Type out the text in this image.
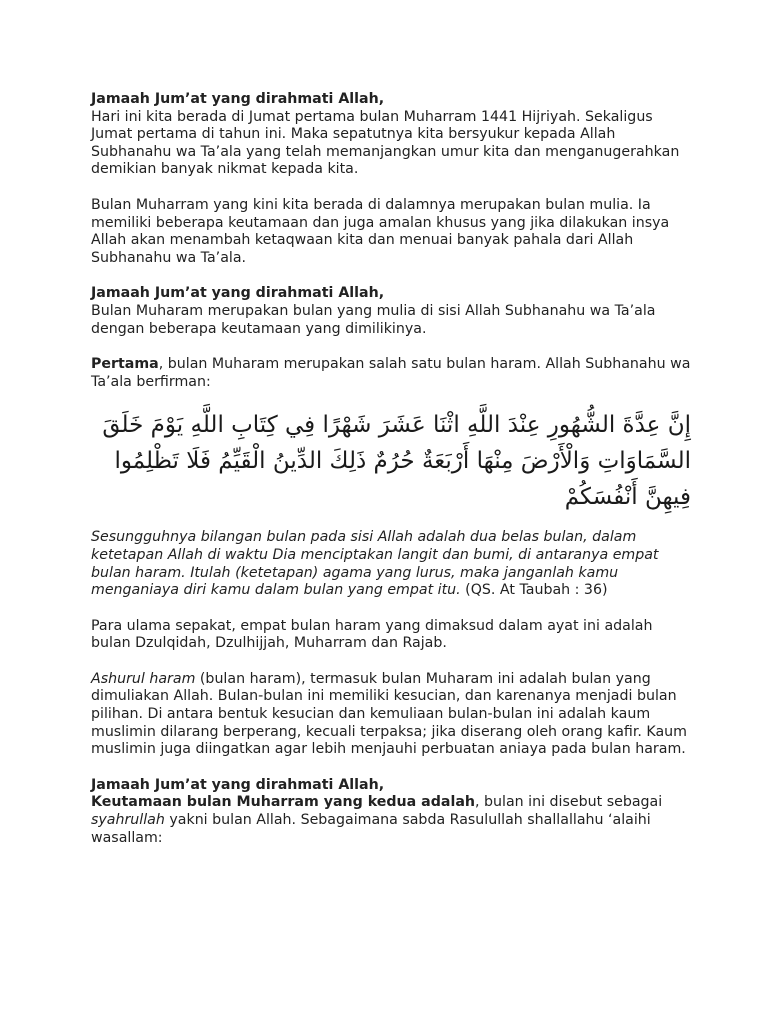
Jamaah Jum’at yang dirahmati Allah,
Hari ini kita berada di Jumat pertama bulan Muharram 1441 Hijriyah. Sekaligus Jumat pertama di tahun ini. Maka sepatutnya kita bersyukur kepada Allah Subhanahu wa Ta’ala yang telah memanjangkan umur kita dan menganugerahkan demikian banyak nikmat kepada kita.

Bulan Muharram yang kini kita berada di dalamnya merupakan bulan mulia. Ia memiliki beberapa keutamaan dan juga amalan khusus yang jika dilakukan insya Allah akan menambah ketaqwaan kita dan menuai banyak pahala dari Allah Subhanahu wa Ta’ala.

Jamaah Jum’at yang dirahmati Allah,
Bulan Muharam merupakan bulan yang mulia di sisi Allah Subhanahu wa Ta’ala dengan beberapa keutamaan yang dimilikinya.

Pertama, bulan Muharam merupakan salah satu bulan haram. Allah Subhanahu wa Ta’ala berfirman:

إِنَّ عِدَّةَ الشُّهُورِ عِنْدَ اللَّهِ اثْنَا عَشَرَ شَهْرًا فِي كِتَابِ اللَّهِ يَوْمَ خَلَقَ السَّمَاوَاتِ وَالْأَرْضَ مِنْهَا أَرْبَعَةٌ حُرُمٌ ذَلِكَ الدِّينُ الْقَيِّمُ فَلَا تَظْلِمُوا فِيهِنَّ أَنْفُسَكُمْ

Sesungguhnya bilangan bulan pada sisi Allah adalah dua belas bulan, dalam ketetapan Allah di waktu Dia menciptakan langit dan bumi, di antaranya empat bulan haram. Itulah (ketetapan) agama yang lurus, maka janganlah kamu menganiaya diri kamu dalam bulan yang empat itu. (QS. At Taubah : 36)

Para ulama sepakat, empat bulan haram yang dimaksud dalam ayat ini adalah bulan Dzulqidah, Dzulhijjah, Muharram dan Rajab.

Ashurul haram (bulan haram), termasuk bulan Muharam ini adalah bulan yang dimuliakan Allah. Bulan-bulan ini memiliki kesucian, dan karenanya menjadi bulan pilihan. Di antara bentuk kesucian dan kemuliaan bulan-bulan ini adalah kaum muslimin dilarang berperang, kecuali terpaksa; jika diserang oleh orang kafir. Kaum muslimin juga diingatkan agar lebih menjauhi perbuatan aniaya pada bulan haram.

Jamaah Jum’at yang dirahmati Allah,
Keutamaan bulan Muharram yang kedua adalah, bulan ini disebut sebagai syahrullah yakni bulan Allah. Sebagaimana sabda Rasulullah shallallahu ‘alaihi wasallam:
